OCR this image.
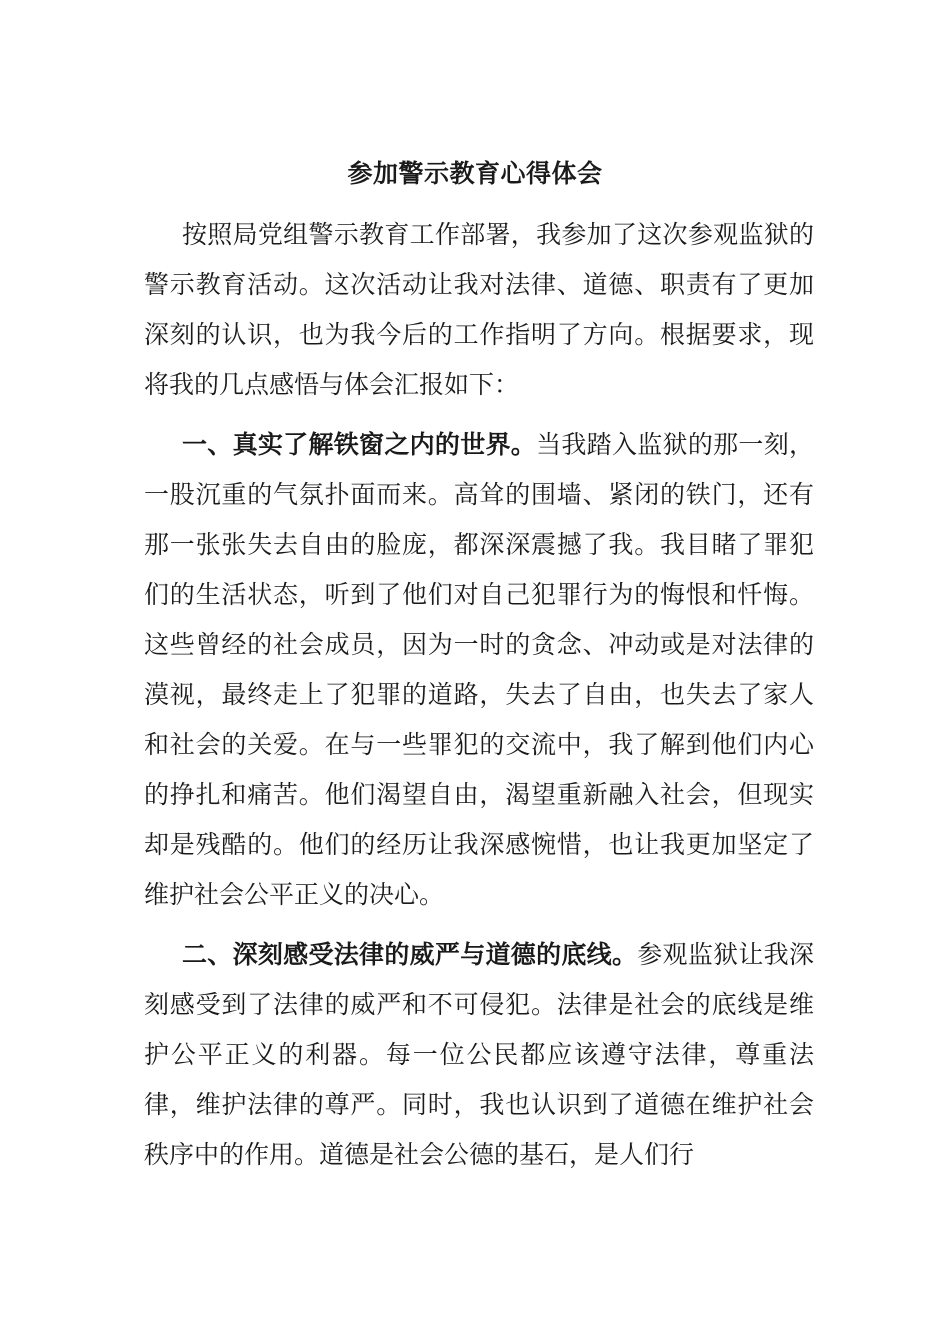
参加警示教育心得体会

按照局党组警示教育工作部署，我参加了这次参观监狱的警示教育活动。这次活动让我对法律、道德、职责有了更加深刻的认识，也为我今后的工作指明了方向。根据要求，现将我的几点感悟与体会汇报如下：

一、真实了解铁窗之内的世界。当我踏入监狱的那一刻，一股沉重的气氛扑面而来。高耸的围墙、紧闭的铁门，还有那一张张失去自由的脸庞，都深深震撼了我。我目睹了罪犯们的生活状态，听到了他们对自己犯罪行为的悔恨和忏悔。这些曾经的社会成员，因为一时的贪念、冲动或是对法律的漠视，最终走上了犯罪的道路，失去了自由，也失去了家人和社会的关爱。在与一些罪犯的交流中，我了解到他们内心的挣扎和痛苦。他们渴望自由，渴望重新融入社会，但现实却是残酷的。他们的经历让我深感惋惜，也让我更加坚定了维护社会公平正义的决心。

二、深刻感受法律的威严与道德的底线。参观监狱让我深刻感受到了法律的威严和不可侵犯。法律是社会的底线是维护公平正义的利器。每一位公民都应该遵守法律，尊重法律，维护法律的尊严。同时，我也认识到了道德在维护社会秩序中的作用。道德是社会公德的基石，是人们行
